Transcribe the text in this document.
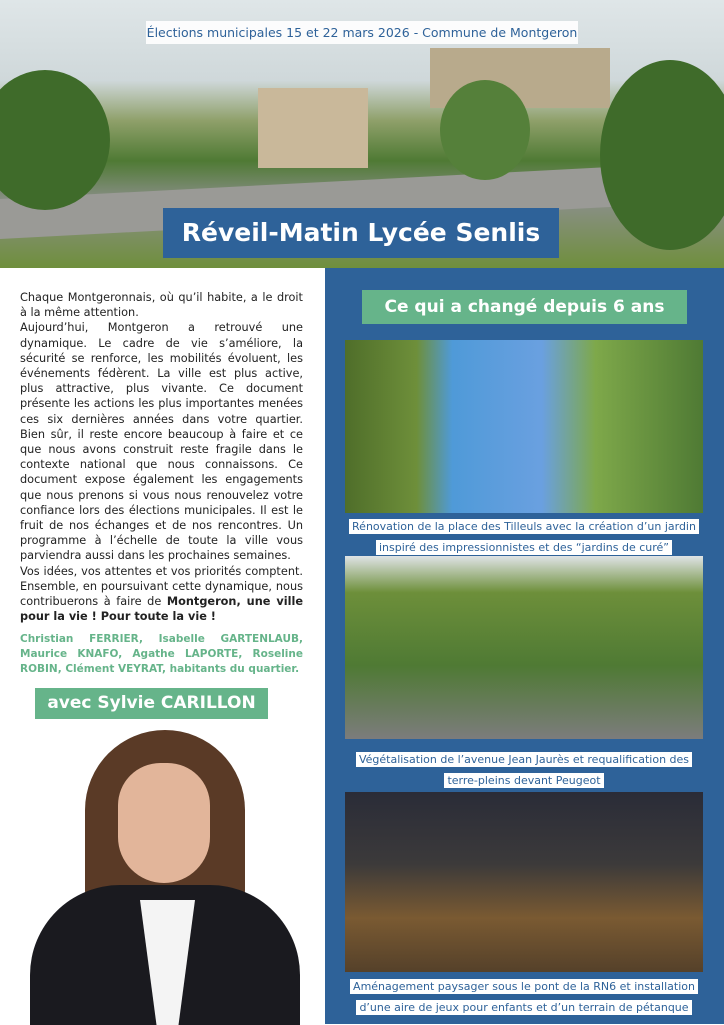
Élections municipales 15 et 22 mars 2026 - Commune de Montgeron
Réveil-Matin Lycée Senlis

Chaque Montgeronnais, où qu’il habite, a le droit à la même attention.

Aujourd’hui, Montgeron a retrouvé une dynamique. Le cadre de vie s’améliore, la sécurité se renforce, les mobilités évoluent, les événements fédèrent. La ville est plus active, plus attractive, plus vivante. Ce document présente les actions les plus importantes menées ces six dernières années dans votre quartier. Bien sûr, il reste encore beaucoup à faire et ce que nous avons construit reste fragile dans le contexte national que nous connaissons. Ce document expose également les engagements que nous prenons si vous nous renouvelez votre confiance lors des élections municipales. Il est le fruit de nos échanges et de nos rencontres. Un programme à l’échelle de toute la ville vous parviendra aussi dans les prochaines semaines.

Vos idées, vos attentes et vos priorités comptent. Ensemble, en poursuivant cette dynamique, nous contribuerons à faire de Montgeron, une ville pour la vie ! Pour toute la vie !

Christian FERRIER, Isabelle GARTENLAUB, Maurice KNAFO, Agathe LAPORTE, Roseline ROBIN, Clément VEYRAT, habitants du quartier.
avec Sylvie CARILLON
Ce qui a changé depuis 6 ans
Rénovation de la place des Tilleuls avec la création d’un jardin inspiré des impressionnistes et des “jardins de curé”
Végétalisation de l’avenue Jean Jaurès et requalification des terre-pleins devant Peugeot
Aménagement paysager sous le pont de la RN6 et installation d’une aire de jeux pour enfants et d’un terrain de pétanque
